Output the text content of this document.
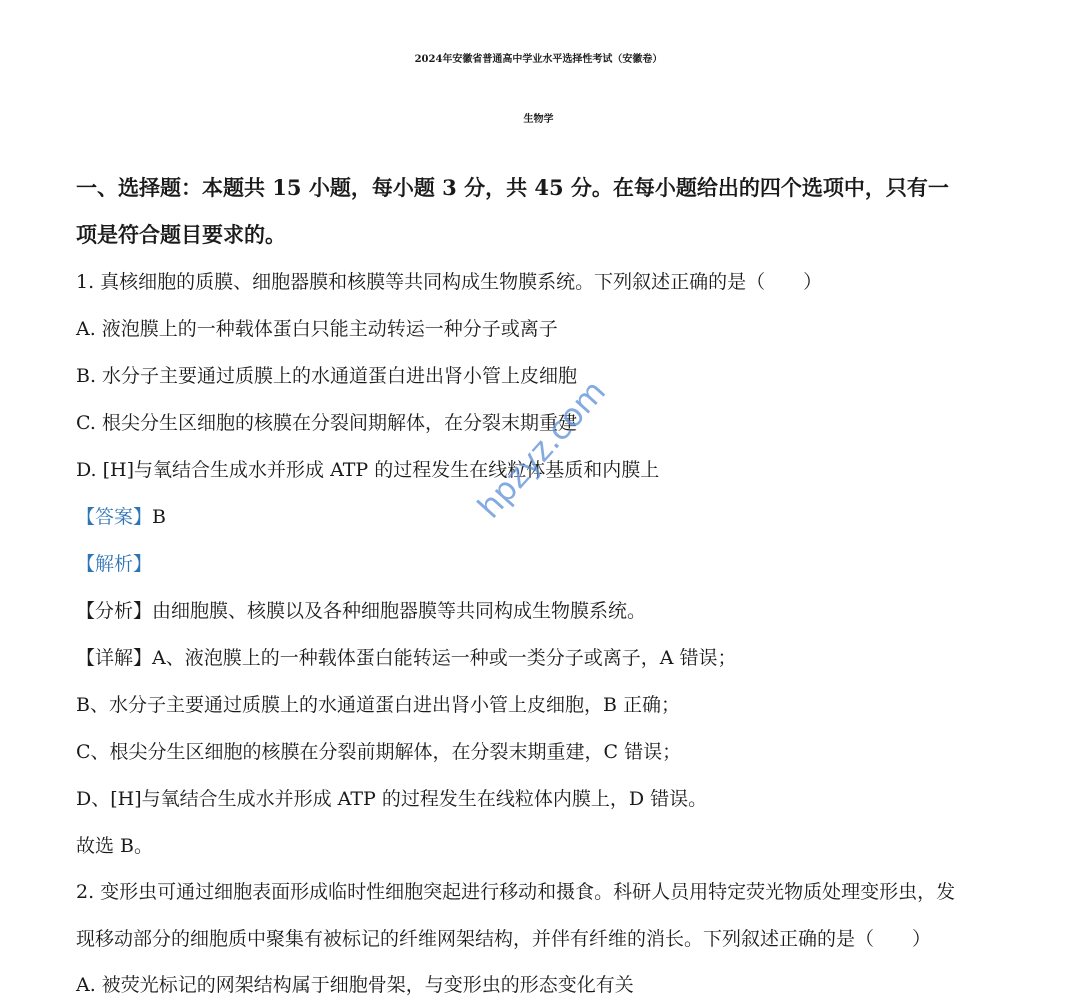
2024年安徽省普通高中学业水平选择性考试（安徽卷）
生物学
一、选择题：本题共 15 小题，每小题 3 分，共 45 分。在每小题给出的四个选项中，只有一
项是符合题目要求的。
1. 真核细胞的质膜、细胞器膜和核膜等共同构成生物膜系统。下列叙述正确的是（　　）
A. 液泡膜上的一种载体蛋白只能主动转运一种分子或离子
B. 水分子主要通过质膜上的水通道蛋白进出肾小管上皮细胞
C. 根尖分生区细胞的核膜在分裂间期解体，在分裂末期重建
D. [H]与氧结合生成水并形成 ATP 的过程发生在线粒体基质和内膜上
【答案】B
【解析】
【分析】由细胞膜、核膜以及各种细胞器膜等共同构成生物膜系统。
【详解】A、液泡膜上的一种载体蛋白能转运一种或一类分子或离子，A 错误；
B、水分子主要通过质膜上的水通道蛋白进出肾小管上皮细胞，B 正确；
C、根尖分生区细胞的核膜在分裂前期解体，在分裂末期重建，C 错误；
D、[H]与氧结合生成水并形成 ATP 的过程发生在线粒体内膜上，D 错误。
故选 B。
2. 变形虫可通过细胞表面形成临时性细胞突起进行移动和摄食。科研人员用特定荧光物质处理变形虫，发
现移动部分的细胞质中聚集有被标记的纤维网架结构，并伴有纤维的消长。下列叙述正确的是（　　）
A. 被荧光标记的网架结构属于细胞骨架，与变形虫的形态变化有关
hpzyz.com
